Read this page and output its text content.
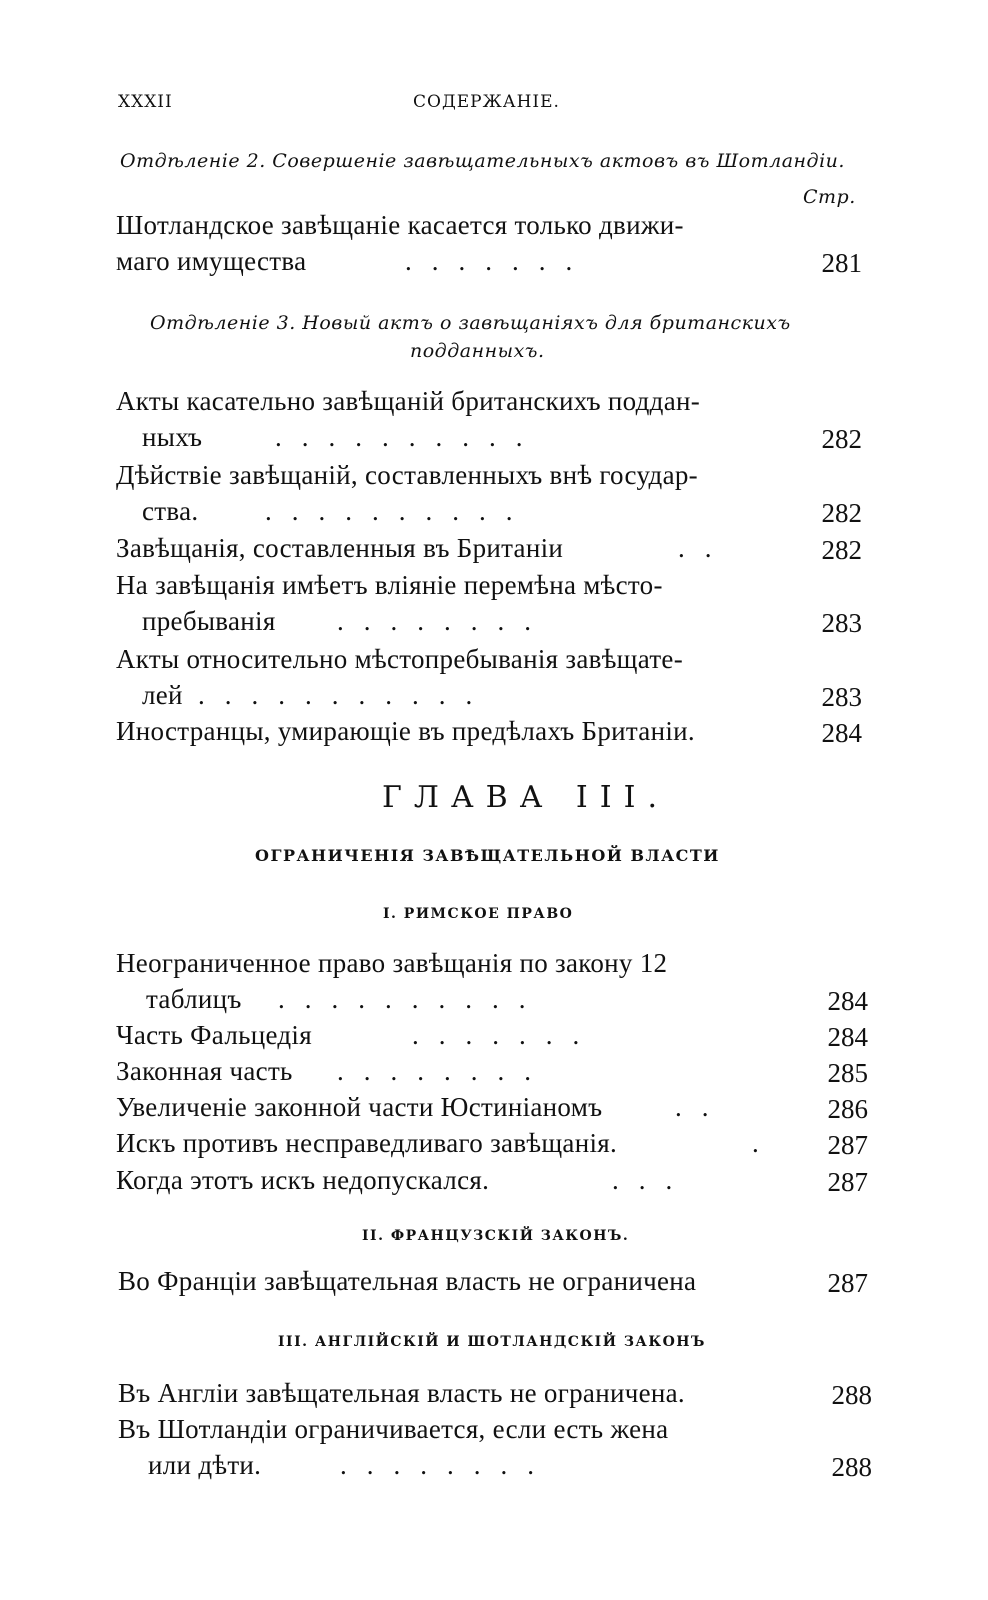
XXXII	СОДЕРЖАНІЕ.
Отдѣленіе 2. Совершеніе завѣщательныхъ актовъ въ Шотландіи.
Стр.
Шотландское завѣщаніе касается только движи-
маго имущества	.......	281
Отдѣленіе 3. Новый актъ о завѣщаніяхъ для британскихъ
подданныхъ.
Акты касательно завѣщаній британскихъ поддан-
ныхъ	..........	282
Дѣйствіе завѣщаній, составленныхъ внѣ государ-
ства. ..........	282
Завѣщанія, составленныя въ Британіи	..	282
На завѣщанія имѣетъ вліяніе перемѣна мѣсто-
пребыванія ........	283
Акты относительно мѣстопребыванія завѣщате-
лей ...........	283
Иностранцы, умирающіе въ предѣлахъ Британіи.	284
ГЛАВА III.
ОГРАНИЧЕНІЯ ЗАВѢЩАТЕЛЬНОЙ ВЛАСТИ
I. РИМСКОЕ ПРАВО
Неограниченное право завѣщанія по закону 12
таблицъ ..........	284
Часть Фальцедія	.......	284
Законная часть ........	285
Увеличеніе законной части Юстиніаномъ	..	286
Искъ противъ несправедливаго завѣщанія.	.	287
Когда этотъ искъ недопускался.	...	287
II. ФРАНЦУЗСКІЙ ЗАКОНЪ.
Во Франціи завѣщательная власть не ограничена	287
III. АНГЛІЙСКІЙ И ШОТЛАНДСКІЙ ЗАКОНЪ
Въ Англіи завѣщательная власть не ограничена.	288
Въ Шотландіи ограничивается, если есть жена
или дѣти.	........	288
